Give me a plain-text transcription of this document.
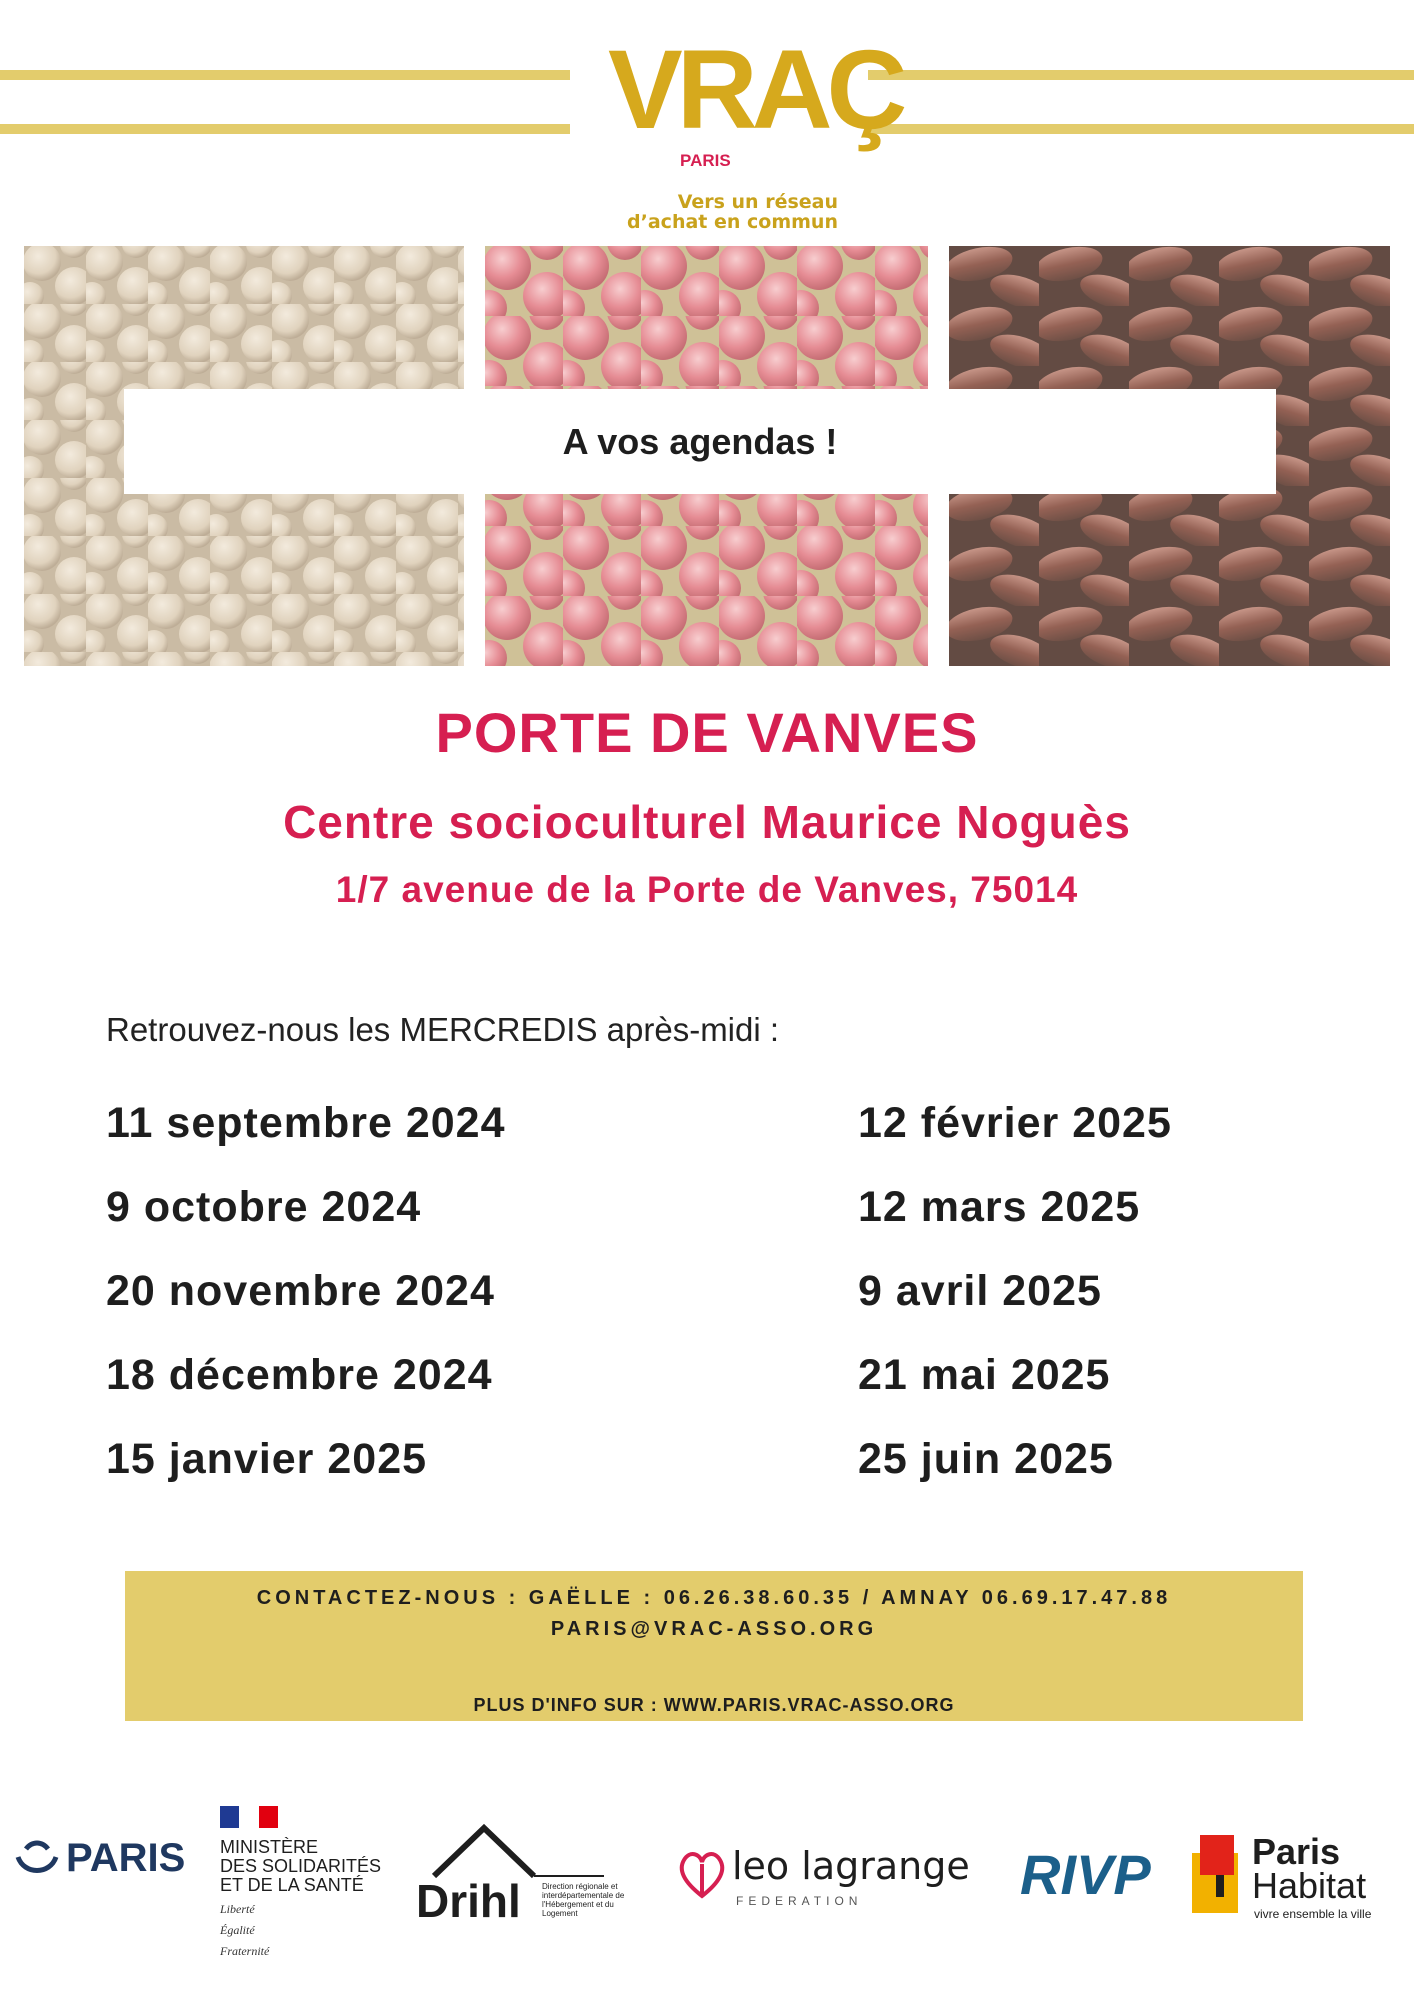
VRAÇ
PARIS
Vers un réseau
d’achat en commun
A vos agendas !
PORTE DE VANVES
Centre socioculturel Maurice Noguès
1/7 avenue de la Porte de Vanves, 75014
Retrouvez-nous les MERCREDIS après-midi :
11 septembre 2024
9 octobre 2024
20 novembre 2024
18 décembre 2024
15 janvier 2025
12 février 2025
12 mars 2025
9 avril 2025
21 mai 2025
25 juin 2025
CONTACTEZ-NOUS : GAËLLE : 06.26.38.60.35 / AMNAY 06.69.17.47.88
PARIS@VRAC-ASSO.ORG
PLUS D'INFO SUR : WWW.PARIS.VRAC-ASSO.ORG
PARIS MINISTÈRE
DES SOLIDARITÉS
ET DE LA SANTÉ
Liberté
Égalité
Fraternité
Drihl	Direction régionale et interdépartementale de l'Hébergement et du Logement
leo lagrange
FEDERATION	RIVP	Paris
Habitat
vivre ensemble la ville
